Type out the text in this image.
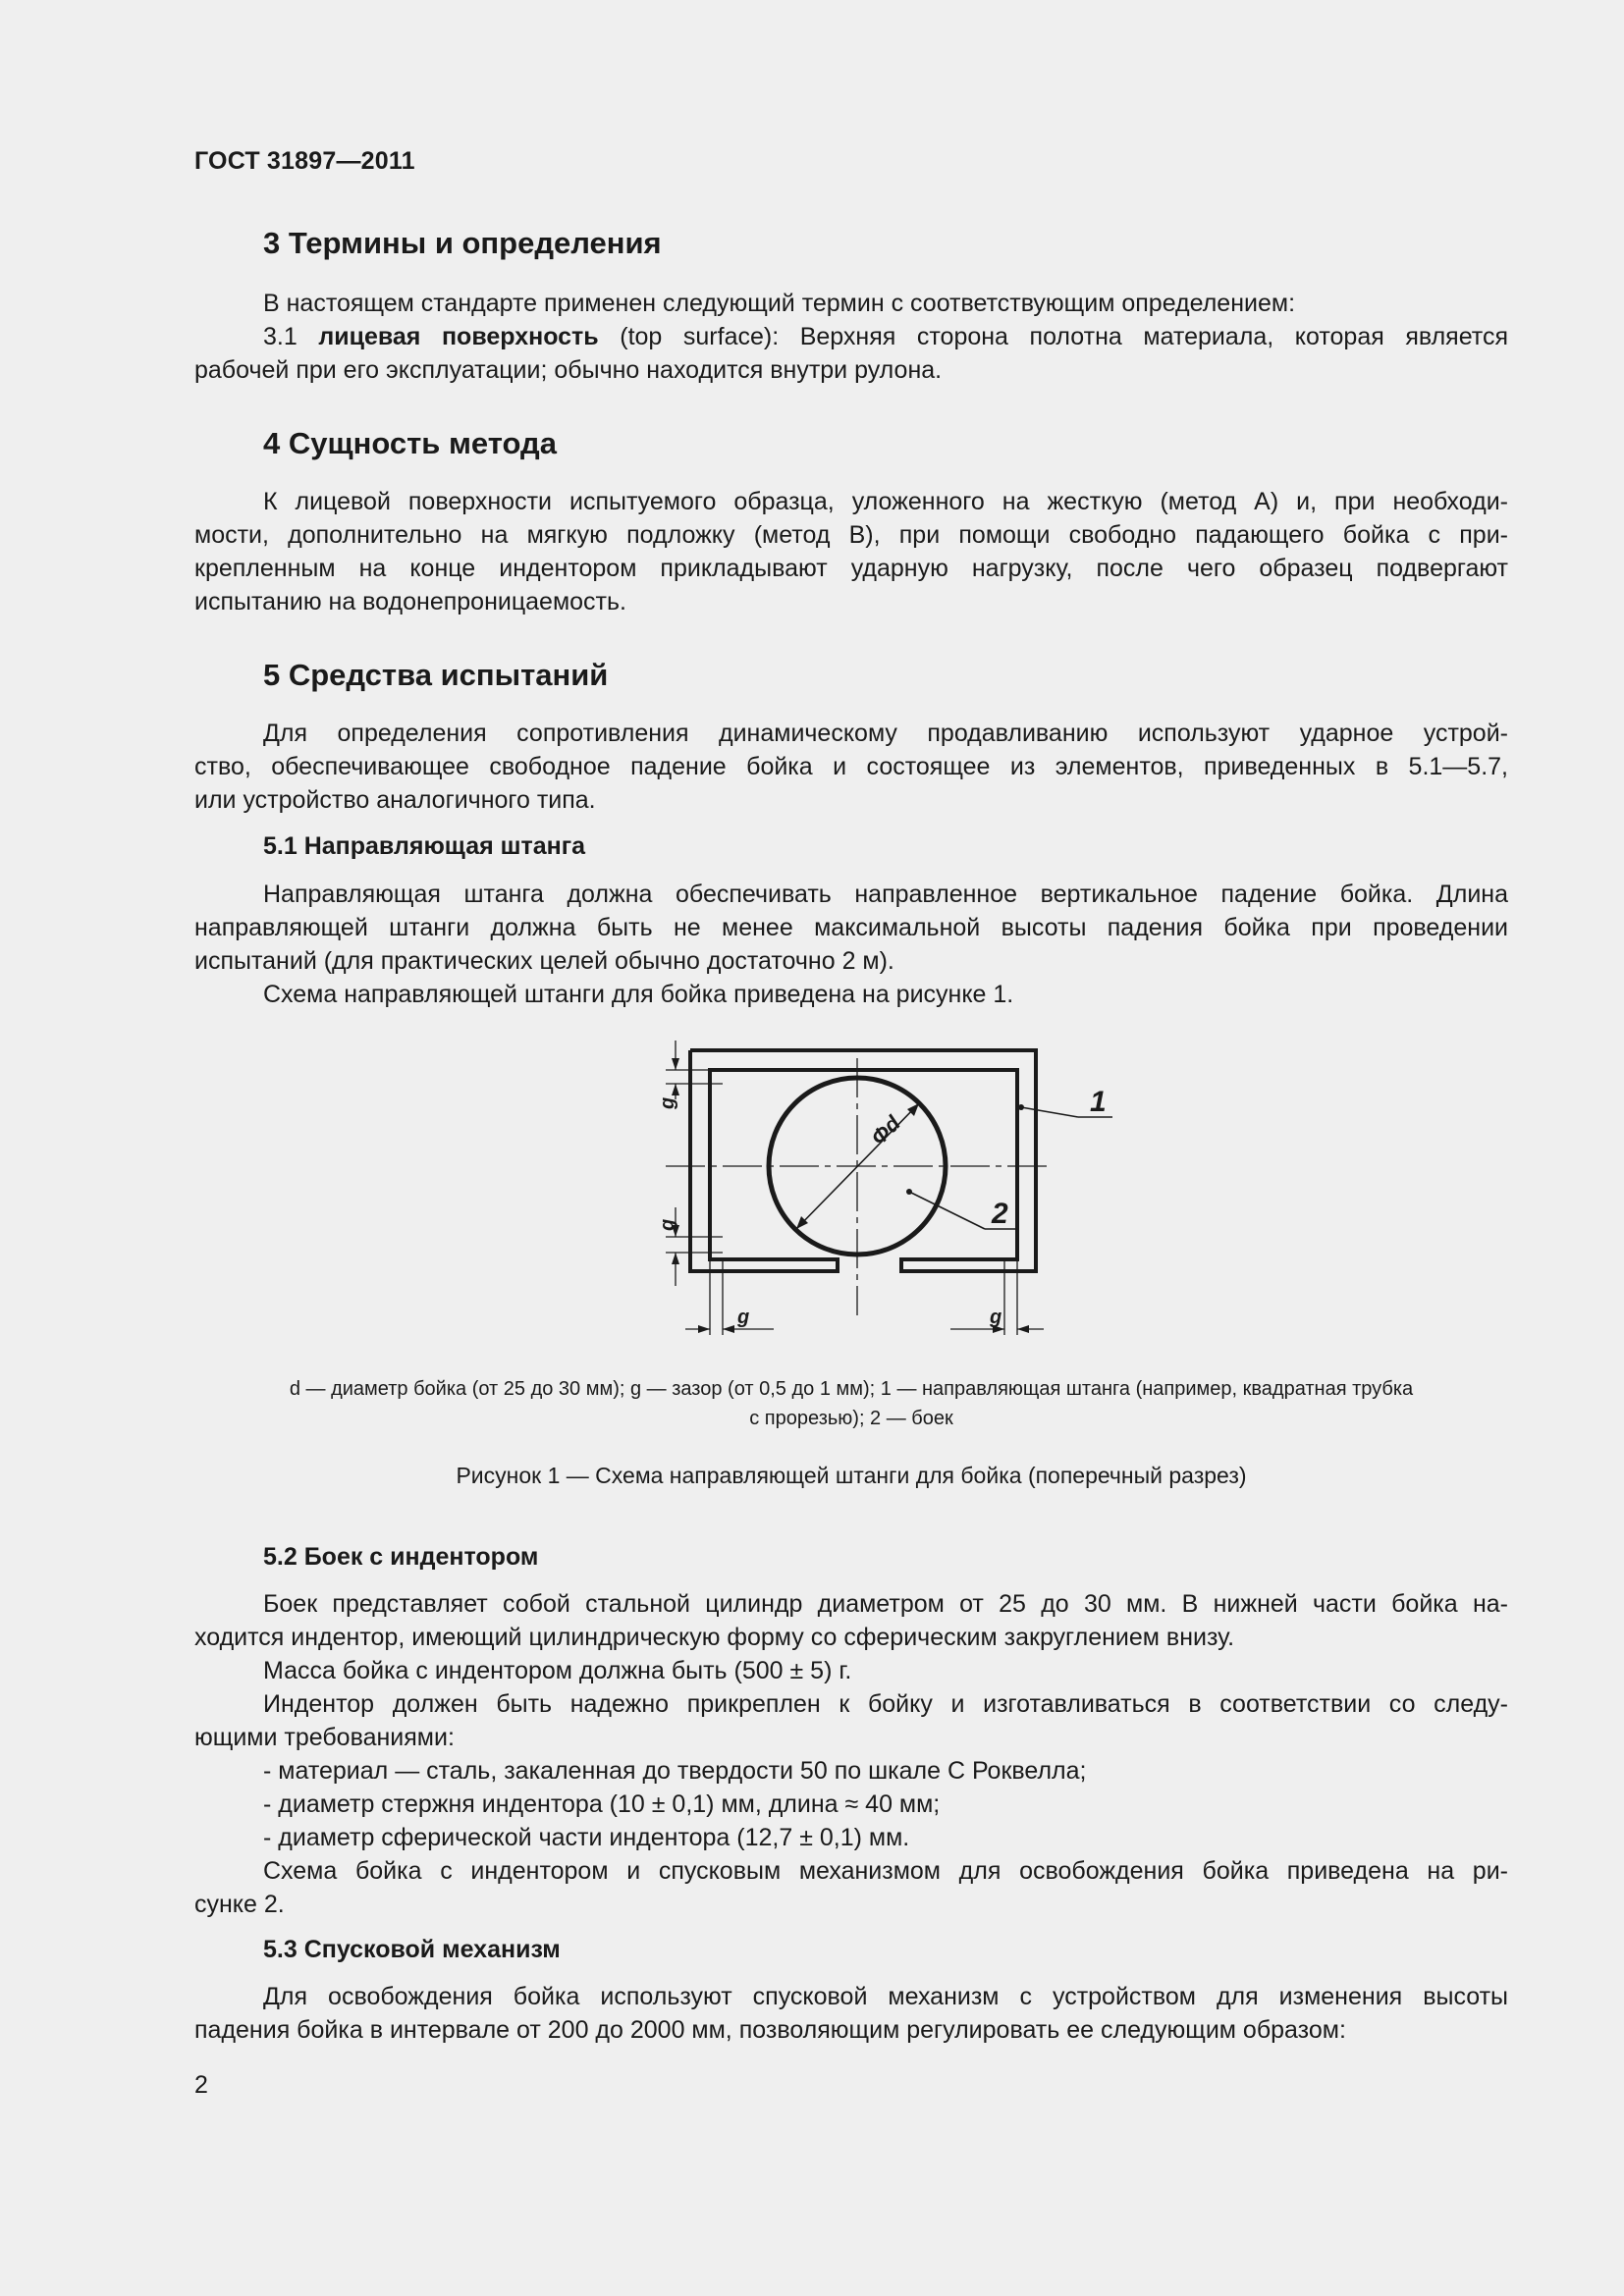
ГОСТ 31897—2011
3 Термины и определения
В настоящем стандарте применен следующий термин с соответствующим определением:
3.1 лицевая поверхность (top surface): Верхняя сторона полотна материала, которая является
рабочей при его эксплуатации; обычно находится внутри рулона.
4 Сущность метода
К лицевой поверхности испытуемого образца, уложенного на жесткую (метод А) и, при необходи-
мости, дополнительно на мягкую подложку (метод В), при помощи свободно падающего бойка с при-
крепленным на конце индентором прикладывают ударную нагрузку, после чего образец подвергают
испытанию на водонепроницаемость.
5 Средства испытаний
Для определения сопротивления динамическому продавливанию используют ударное устрой-
ство, обеспечивающее свободное падение бойка и состоящее из элементов, приведенных в 5.1—5.7,
или устройство аналогичного типа.
5.1 Направляющая штанга
Направляющая штанга должна обеспечивать направленное вертикальное падение бойка. Длина
направляющей штанги должна быть не менее максимальной высоты падения бойка при проведении
испытаний (для практических целей обычно достаточно 2 м).
Схема направляющей штанги для бойка приведена на рисунке 1.
g
g
g	g
Φd
1
2
d — диаметр бойка (от 25 до 30 мм); g — зазор (от 0,5 до 1 мм); 1 — направляющая штанга (например, квадратная трубка
с прорезью); 2 — боек
Рисунок 1 — Схема направляющей штанги для бойка (поперечный разрез)
5.2 Боек с индентором
Боек представляет собой стальной цилиндр диаметром от 25 до 30 мм. В нижней части бойка на-
ходится индентор, имеющий цилиндрическую форму со сферическим закруглением внизу.
Масса бойка с индентором должна быть (500 ± 5) г.
Индентор должен быть надежно прикреплен к бойку и изготавливаться в соответствии со следу-
ющими требованиями:
- материал — сталь, закаленная до твердости 50 по шкале С Роквелла;
- диаметр стержня индентора (10 ± 0,1) мм, длина ≈ 40 мм;
- диаметр сферической части индентора (12,7 ± 0,1) мм.
Схема бойка с индентором и спусковым механизмом для освобождения бойка приведена на ри-
сунке 2.
5.3 Спусковой механизм
Для освобождения бойка используют спусковой механизм с устройством для изменения высоты
падения бойка в интервале от 200 до 2000 мм, позволяющим регулировать ее следующим образом:
2
